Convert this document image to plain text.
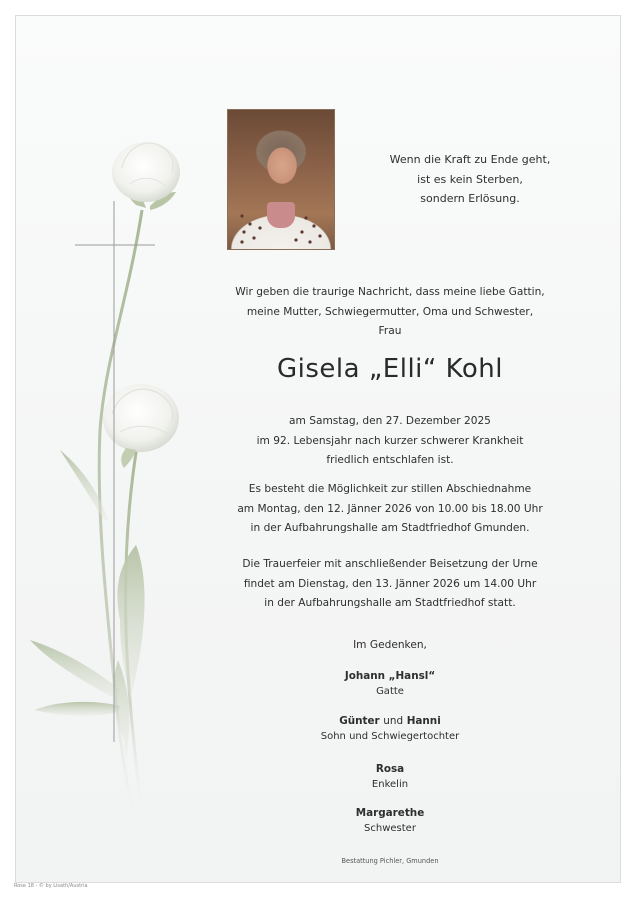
Wenn die Kraft zu Ende geht,
ist es kein Sterben,
sondern Erlösung.
Wir geben die traurige Nachricht, dass meine liebe Gattin,
meine Mutter, Schwiegermutter, Oma und Schwester,
Frau
Gisela „Elli“ Kohl
am Samstag, den 27. Dezember 2025
im 92. Lebensjahr nach kurzer schwerer Krankheit
friedlich entschlafen ist.
Es besteht die Möglichkeit zur stillen Abschiednahme
am Montag, den 12. Jänner 2026 von 10.00 bis 18.00 Uhr
in der Aufbahrungshalle am Stadtfriedhof Gmunden.
Die Trauerfeier mit anschließender Beisetzung der Urne
findet am Dienstag, den 13. Jänner 2026 um 14.00 Uhr
in der Aufbahrungshalle am Stadtfriedhof statt.
Im Gedenken,
Johann „Hansl“
Gatte
Günter und Hanni
Sohn und Schwiegertochter
Rosa
Enkelin
Margarethe
Schwester
Bestattung Pichler, Gmunden
Rose 18 - © by Lisath/Austria
